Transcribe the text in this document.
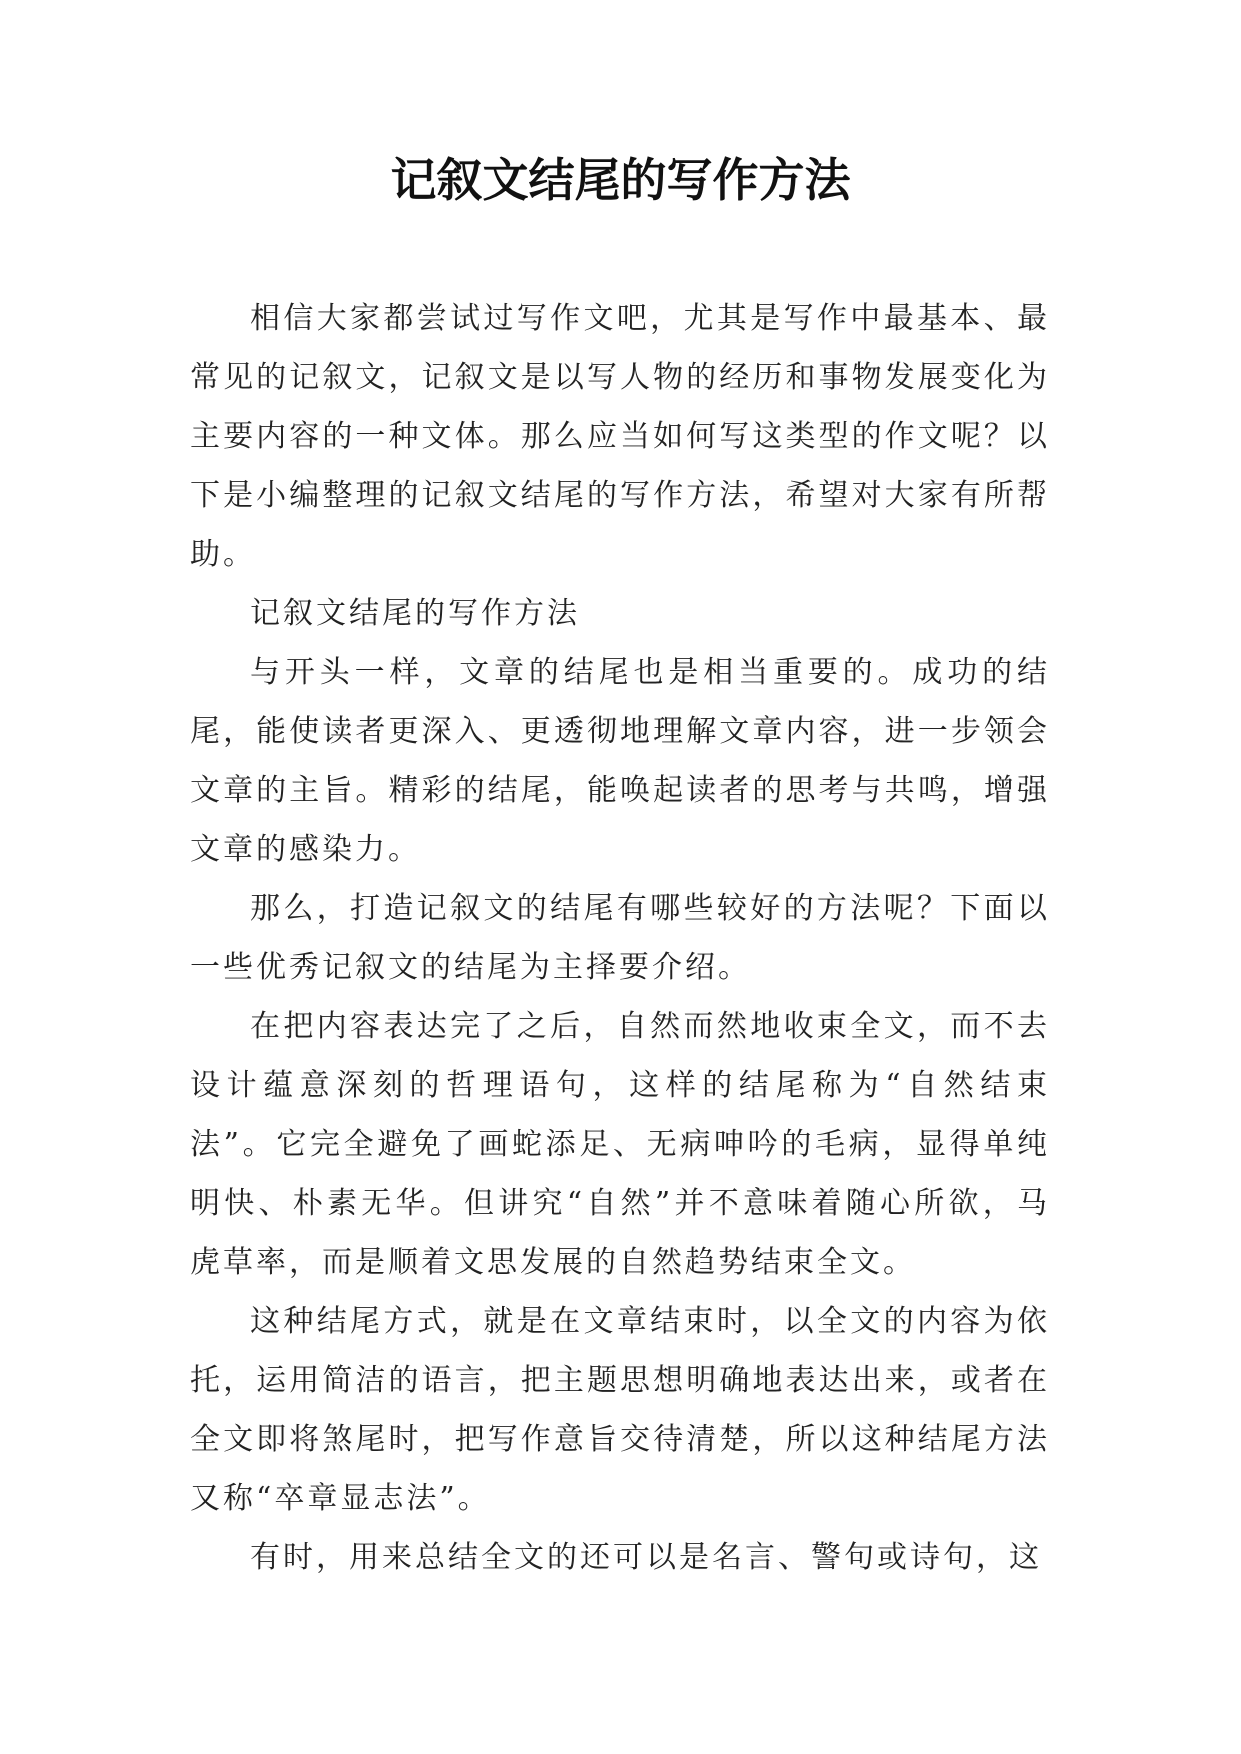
记叙文结尾的写作方法

相信大家都尝试过写作文吧，尤其是写作中最基本、最常见的记叙文，记叙文是以写人物的经历和事物发展变化为主要内容的一种文体。那么应当如何写这类型的作文呢？以下是小编整理的记叙文结尾的写作方法，希望对大家有所帮助。

记叙文结尾的写作方法

与开头一样，文章的结尾也是相当重要的。成功的结尾，能使读者更深入、更透彻地理解文章内容，进一步领会文章的主旨。精彩的结尾，能唤起读者的思考与共鸣，增强文章的感染力。

那么，打造记叙文的结尾有哪些较好的方法呢？下面以一些优秀记叙文的结尾为主择要介绍。

在把内容表达完了之后，自然而然地收束全文，而不去设计蕴意深刻的哲理语句，这样的结尾称为“自然结束法”。它完全避免了画蛇添足、无病呻吟的毛病，显得单纯明快、朴素无华。但讲究“自然”并不意味着随心所欲，马虎草率，而是顺着文思发展的自然趋势结束全文。

这种结尾方式，就是在文章结束时，以全文的内容为依托，运用简洁的语言，把主题思想明确地表达出来，或者在全文即将煞尾时，把写作意旨交待清楚，所以这种结尾方法又称“卒章显志法”。

有时，用来总结全文的还可以是名言、警句或诗句，这
